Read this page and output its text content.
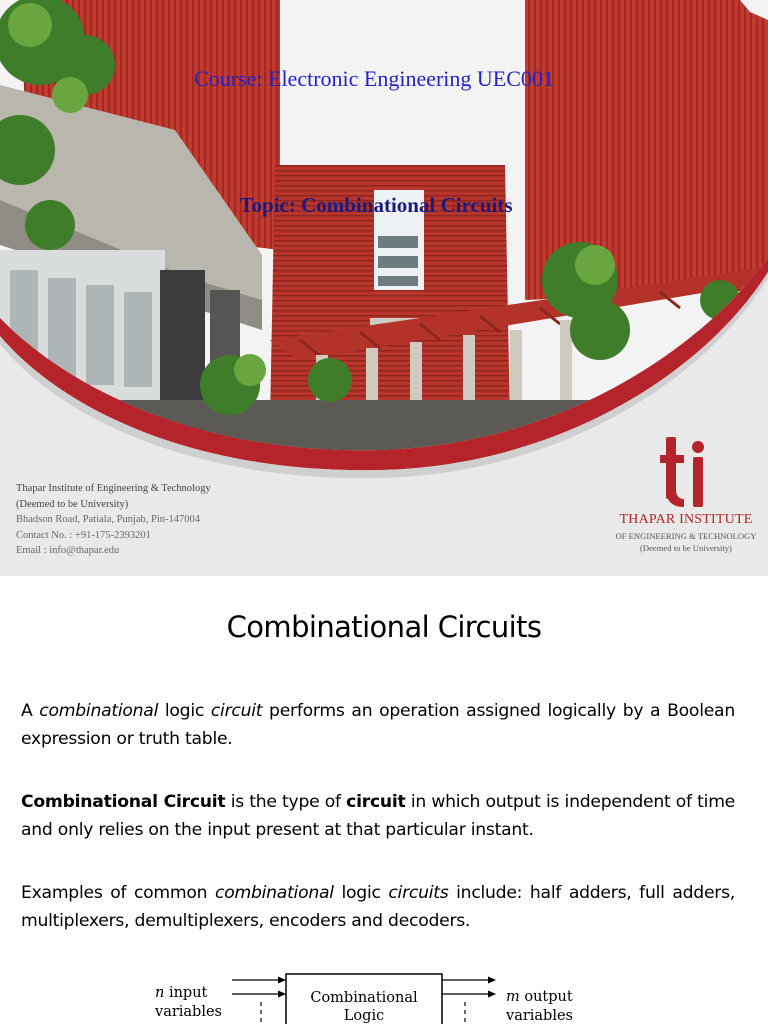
Course: Electronic Engineering UEC001
Topic: Combinational Circuits
Thapar Institute of Engineering & Technology
(Deemed to be University)
Bhadson Road, Patiala, Punjab, Pin-147004
Contact No. : +91-175-2393201
Email : info@thapar.edu
THAPAR INSTITUTE
OF ENGINEERING & TECHNOLOGY
(Deemed to be University)
Combinational Circuits

A combinational logic circuit performs an operation assigned logically by a Boolean expression or truth table.

Combinational Circuit is the type of circuit in which output is independent of time and only relies on the input present at that particular instant.

Examples of common combinational logic circuits include: half adders, full adders, multiplexers, demultiplexers, encoders and decoders.

Combinational
Logic
n input
variables
m output
variables
